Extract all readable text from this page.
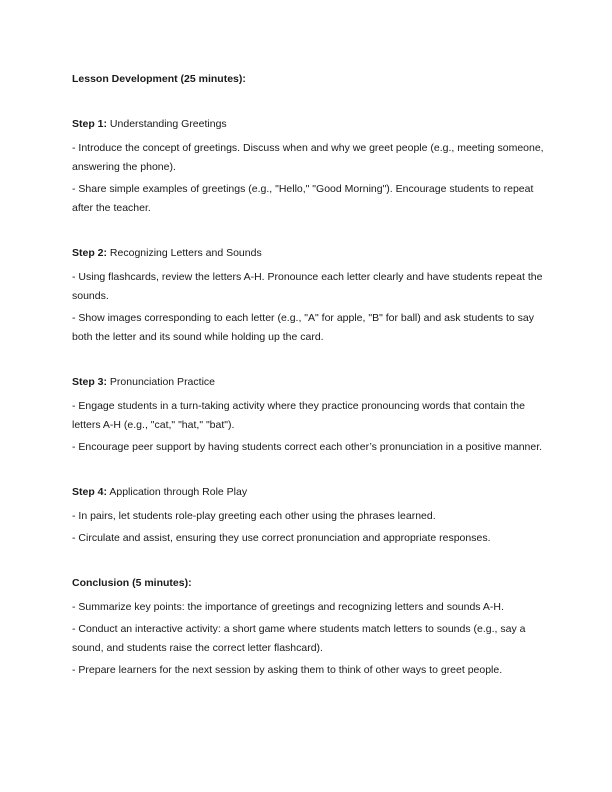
Lesson Development (25 minutes):

Step 1: Understanding Greetings

- Introduce the concept of greetings. Discuss when and why we greet people (e.g., meeting someone, answering the phone).

- Share simple examples of greetings (e.g., "Hello," "Good Morning"). Encourage students to repeat after the teacher.

Step 2: Recognizing Letters and Sounds

- Using flashcards, review the letters A-H. Pronounce each letter clearly and have students repeat the sounds.

- Show images corresponding to each letter (e.g., "A" for apple, "B" for ball) and ask students to say both the letter and its sound while holding up the card.

Step 3: Pronunciation Practice

- Engage students in a turn-taking activity where they practice pronouncing words that contain the letters A-H (e.g., "cat," "hat," "bat").

- Encourage peer support by having students correct each other’s pronunciation in a positive manner.

Step 4: Application through Role Play

- In pairs, let students role-play greeting each other using the phrases learned.

- Circulate and assist, ensuring they use correct pronunciation and appropriate responses.

Conclusion (5 minutes):

- Summarize key points: the importance of greetings and recognizing letters and sounds A-H.

- Conduct an interactive activity: a short game where students match letters to sounds (e.g., say a sound, and students raise the correct letter flashcard).

- Prepare learners for the next session by asking them to think of other ways to greet people.
